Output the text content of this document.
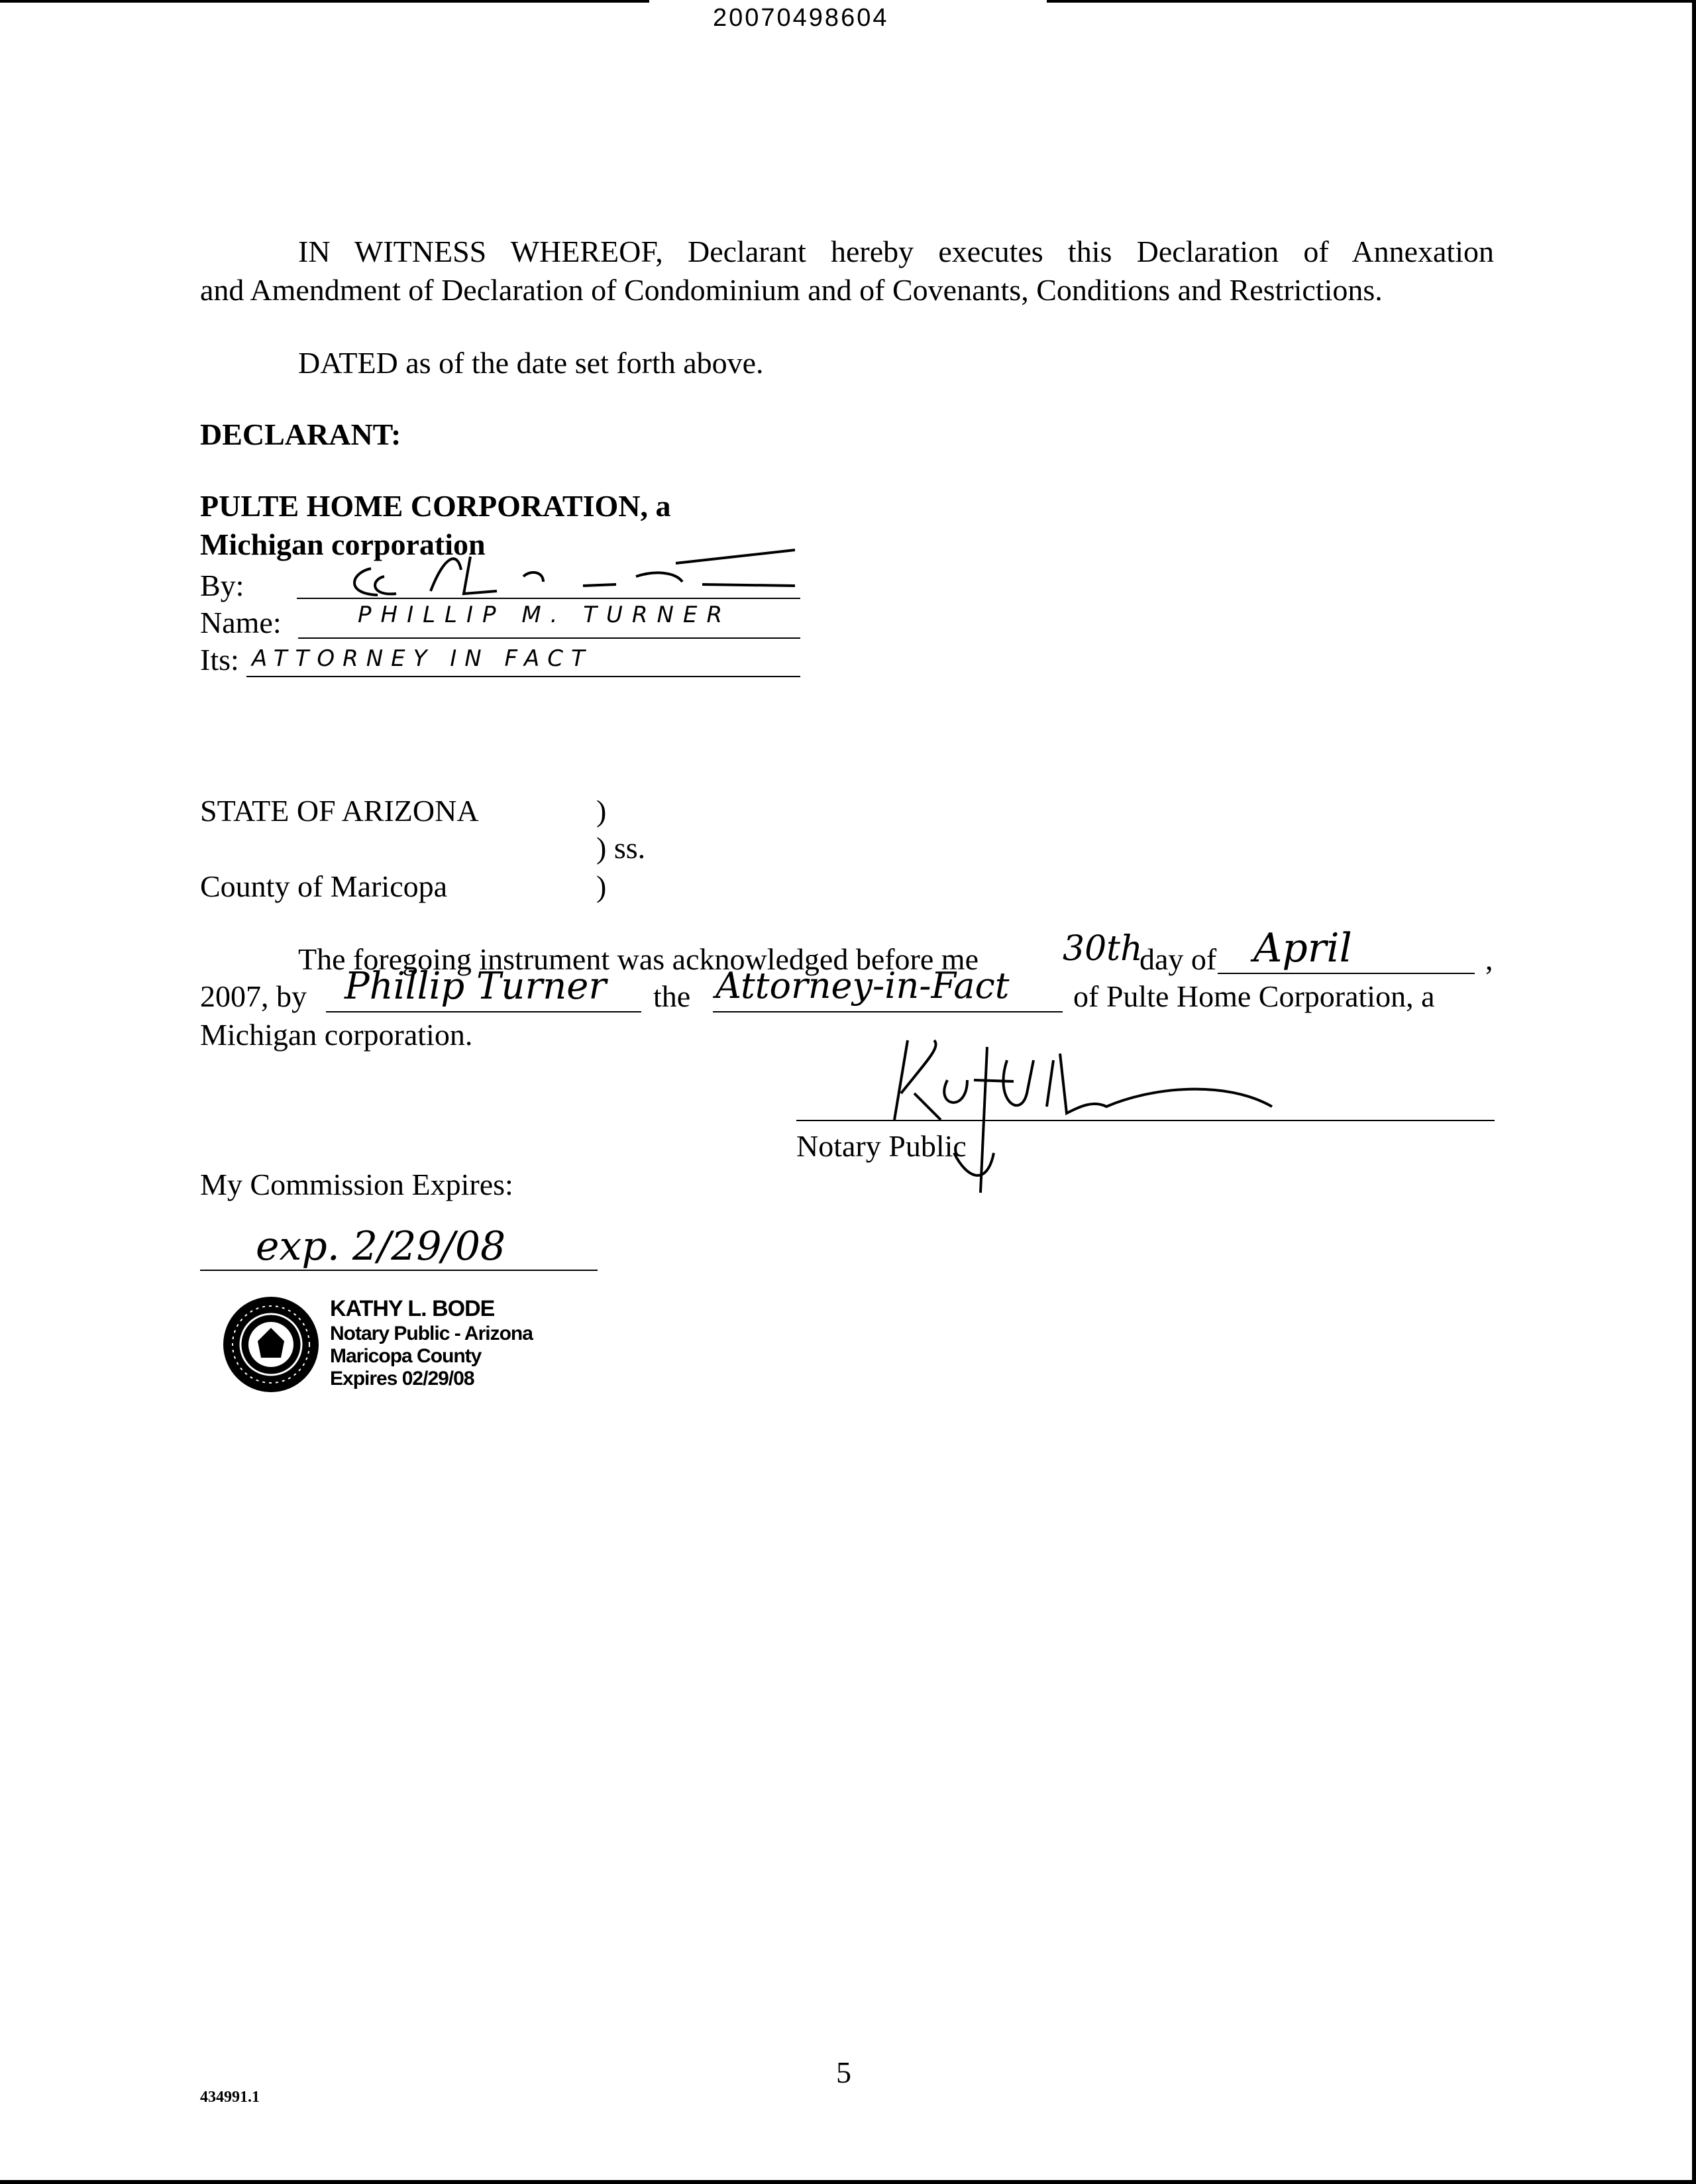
20070498604
IN WITNESS WHEREOF, Declarant hereby executes this Declaration of Annexation
and Amendment of Declaration of Condominium and of Covenants, Conditions and Restrictions.
DATED as of the date set forth above.
DECLARANT:
PULTE HOME CORPORATION, a
Michigan corporation
By:
Name:	PHILLIP M. TURNER
Its: ATTORNEY IN FACT
STATE OF ARIZONA	)
) ss.
County of Maricopa	)
The foregoing instrument was acknowledged before me 30th
day of April	,
2007, by Phillip Turner the Attorney-in-Fact of Pulte Home Corporation, a
Michigan corporation.
Notary Public
My Commission Expires:
exp. 2/29/08
KATHY L. BODE
Notary Public - Arizona
Maricopa County
Expires 02/29/08
5
434991.1
